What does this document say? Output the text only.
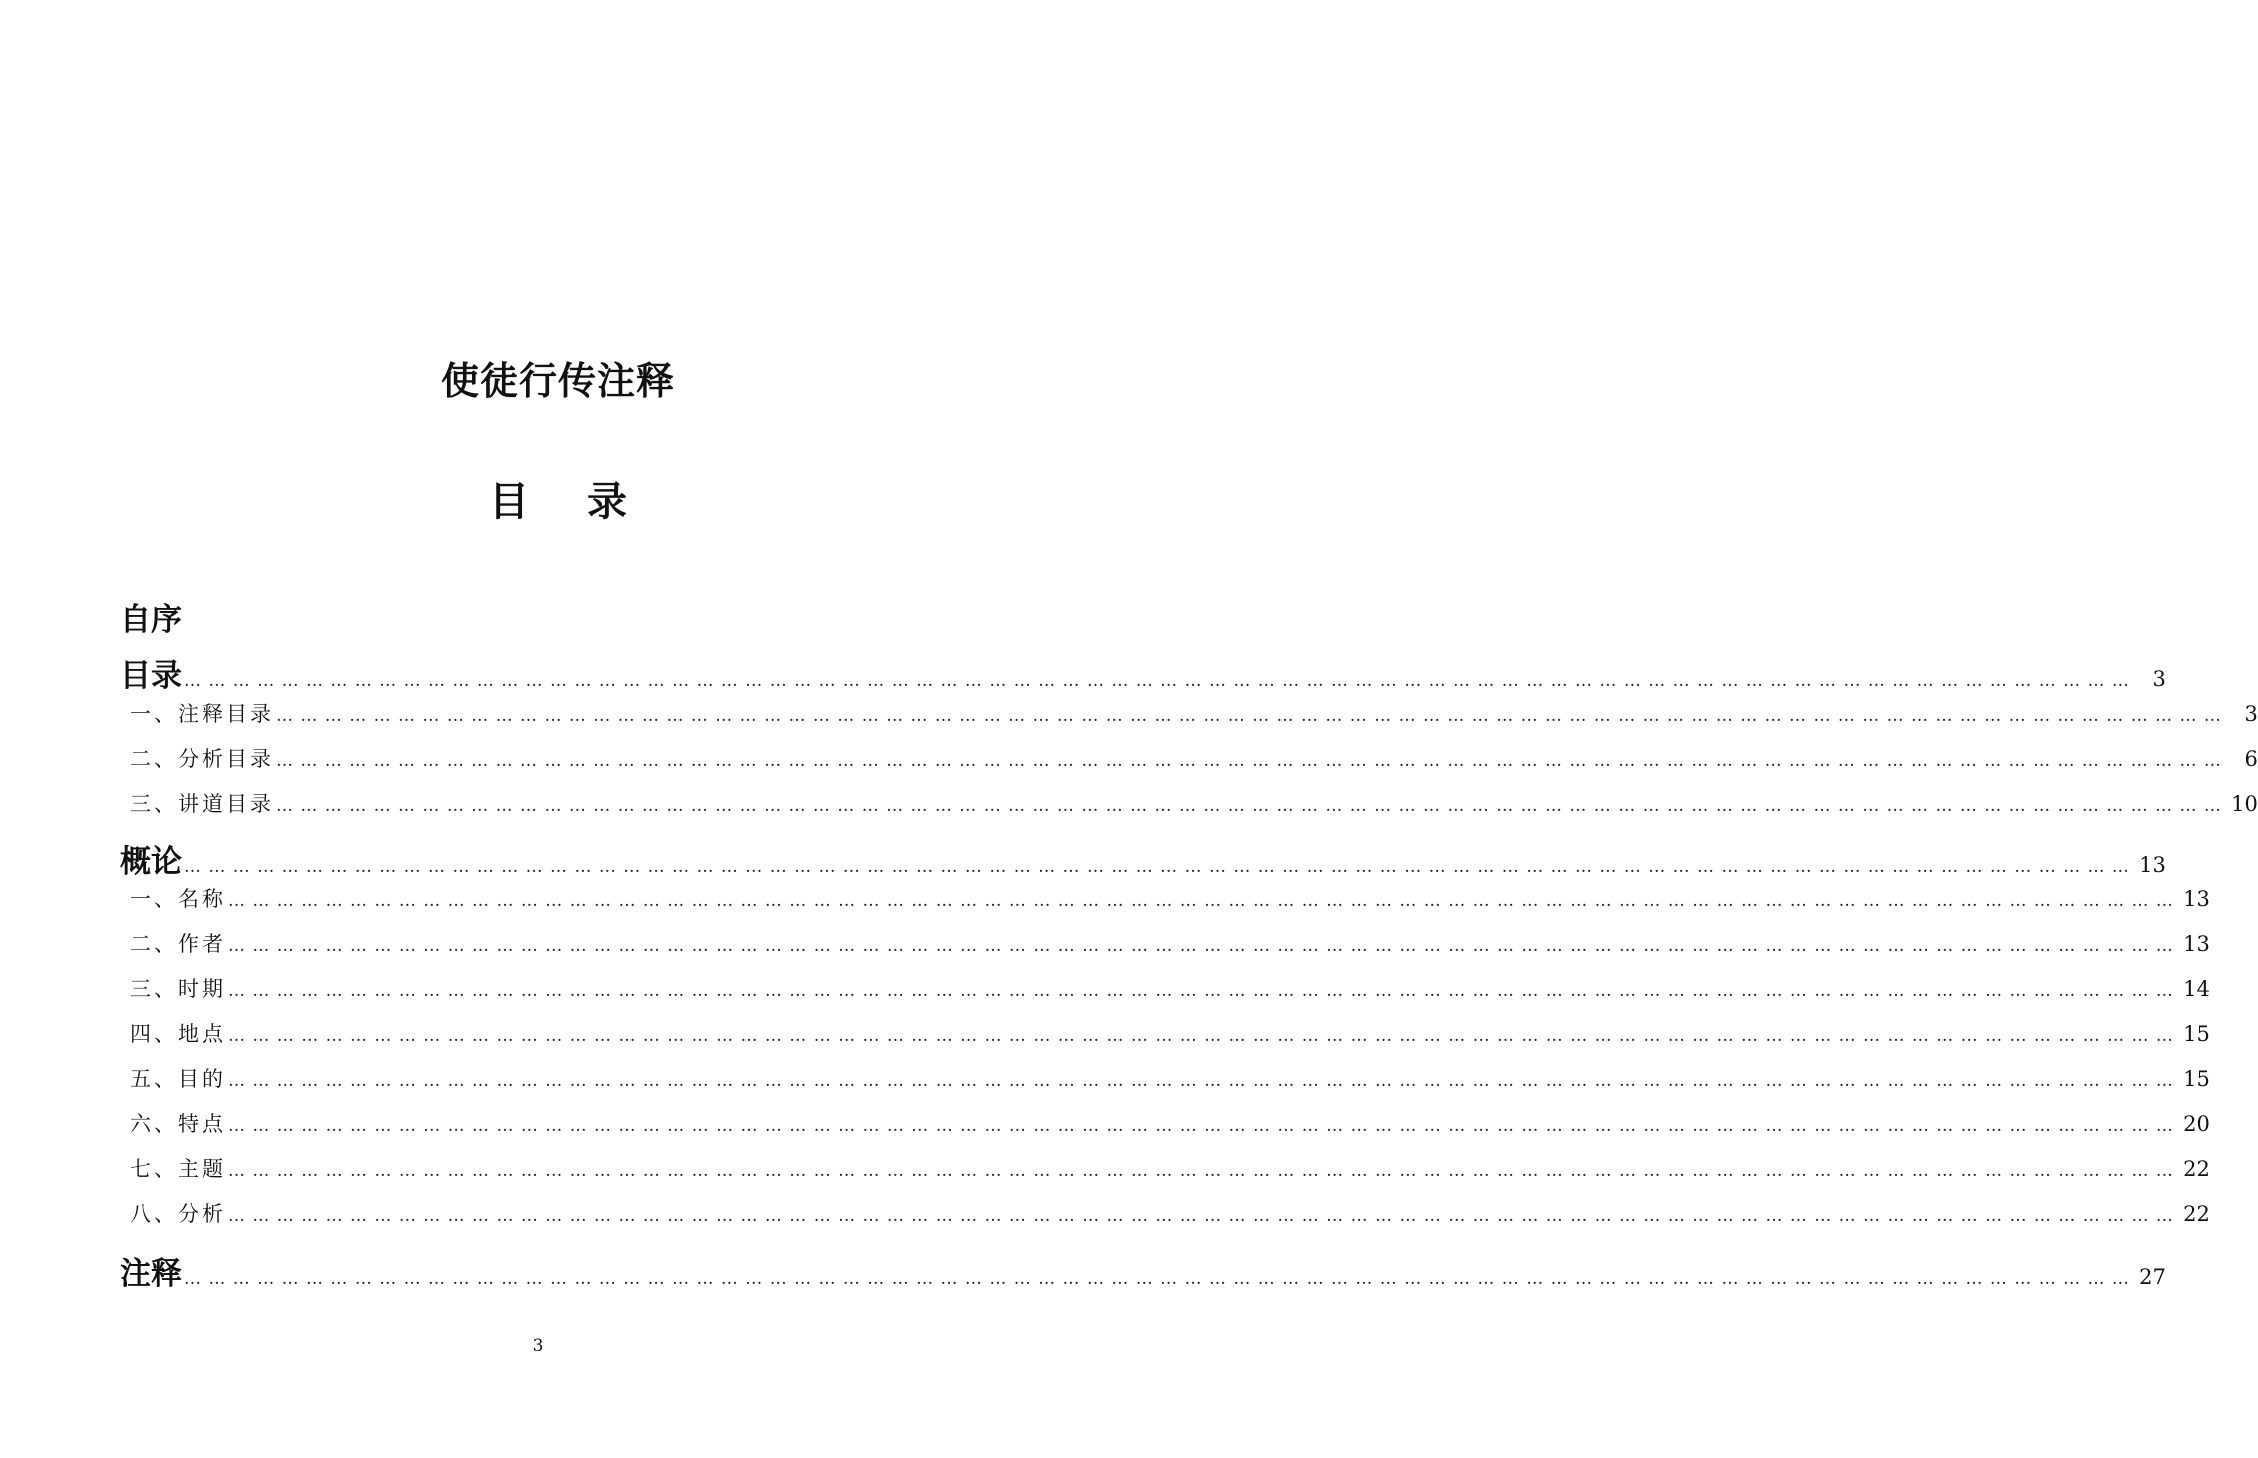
使徒行传注释
目 录
自序
目录 … … … … … … … … … … … … … … … … … … … … … … … … … … … … … … … … … … … … … … … … … … … … … … … … … … … … … … … … … … … … … … … … … … … … … … … … … … … … … … … …	3
一、注释目录 … … … … … … … … … … … … … … … … … … … … … … … … … … … … … … … … … … … … … … … … … … … … … … … … … … … … … … … … … … … … … … … … … … … … … … … … … … … … … … … …	3
二、分析目录 … … … … … … … … … … … … … … … … … … … … … … … … … … … … … … … … … … … … … … … … … … … … … … … … … … … … … … … … … … … … … … … … … … … … … … … … … … … … … … … …	6
三、讲道目录 … … … … … … … … … … … … … … … … … … … … … … … … … … … … … … … … … … … … … … … … … … … … … … … … … … … … … … … … … … … … … … … … … … … … … … … … … … … … … … … … 10
概论 … … … … … … … … … … … … … … … … … … … … … … … … … … … … … … … … … … … … … … … … … … … … … … … … … … … … … … … … … … … … … … … … … … … … … … … … … … … … … … … … 13
一、名称 … … … … … … … … … … … … … … … … … … … … … … … … … … … … … … … … … … … … … … … … … … … … … … … … … … … … … … … … … … … … … … … … … … … … … … … … … … … … … … … … 13
二、作者 … … … … … … … … … … … … … … … … … … … … … … … … … … … … … … … … … … … … … … … … … … … … … … … … … … … … … … … … … … … … … … … … … … … … … … … … … … … … … … … … 13
三、时期 … … … … … … … … … … … … … … … … … … … … … … … … … … … … … … … … … … … … … … … … … … … … … … … … … … … … … … … … … … … … … … … … … … … … … … … … … … … … … … … … 14
四、地点 … … … … … … … … … … … … … … … … … … … … … … … … … … … … … … … … … … … … … … … … … … … … … … … … … … … … … … … … … … … … … … … … … … … … … … … … … … … … … … … … 15
五、目的 … … … … … … … … … … … … … … … … … … … … … … … … … … … … … … … … … … … … … … … … … … … … … … … … … … … … … … … … … … … … … … … … … … … … … … … … … … … … … … … … 15
六、特点 … … … … … … … … … … … … … … … … … … … … … … … … … … … … … … … … … … … … … … … … … … … … … … … … … … … … … … … … … … … … … … … … … … … … … … … … … … … … … … … … 20
七、主题 … … … … … … … … … … … … … … … … … … … … … … … … … … … … … … … … … … … … … … … … … … … … … … … … … … … … … … … … … … … … … … … … … … … … … … … … … … … … … … … … 22
八、分析 … … … … … … … … … … … … … … … … … … … … … … … … … … … … … … … … … … … … … … … … … … … … … … … … … … … … … … … … … … … … … … … … … … … … … … … … … … … … … … … … 22
注释 … … … … … … … … … … … … … … … … … … … … … … … … … … … … … … … … … … … … … … … … … … … … … … … … … … … … … … … … … … … … … … … … … … … … … … … … … … … … … … … … 27
3
